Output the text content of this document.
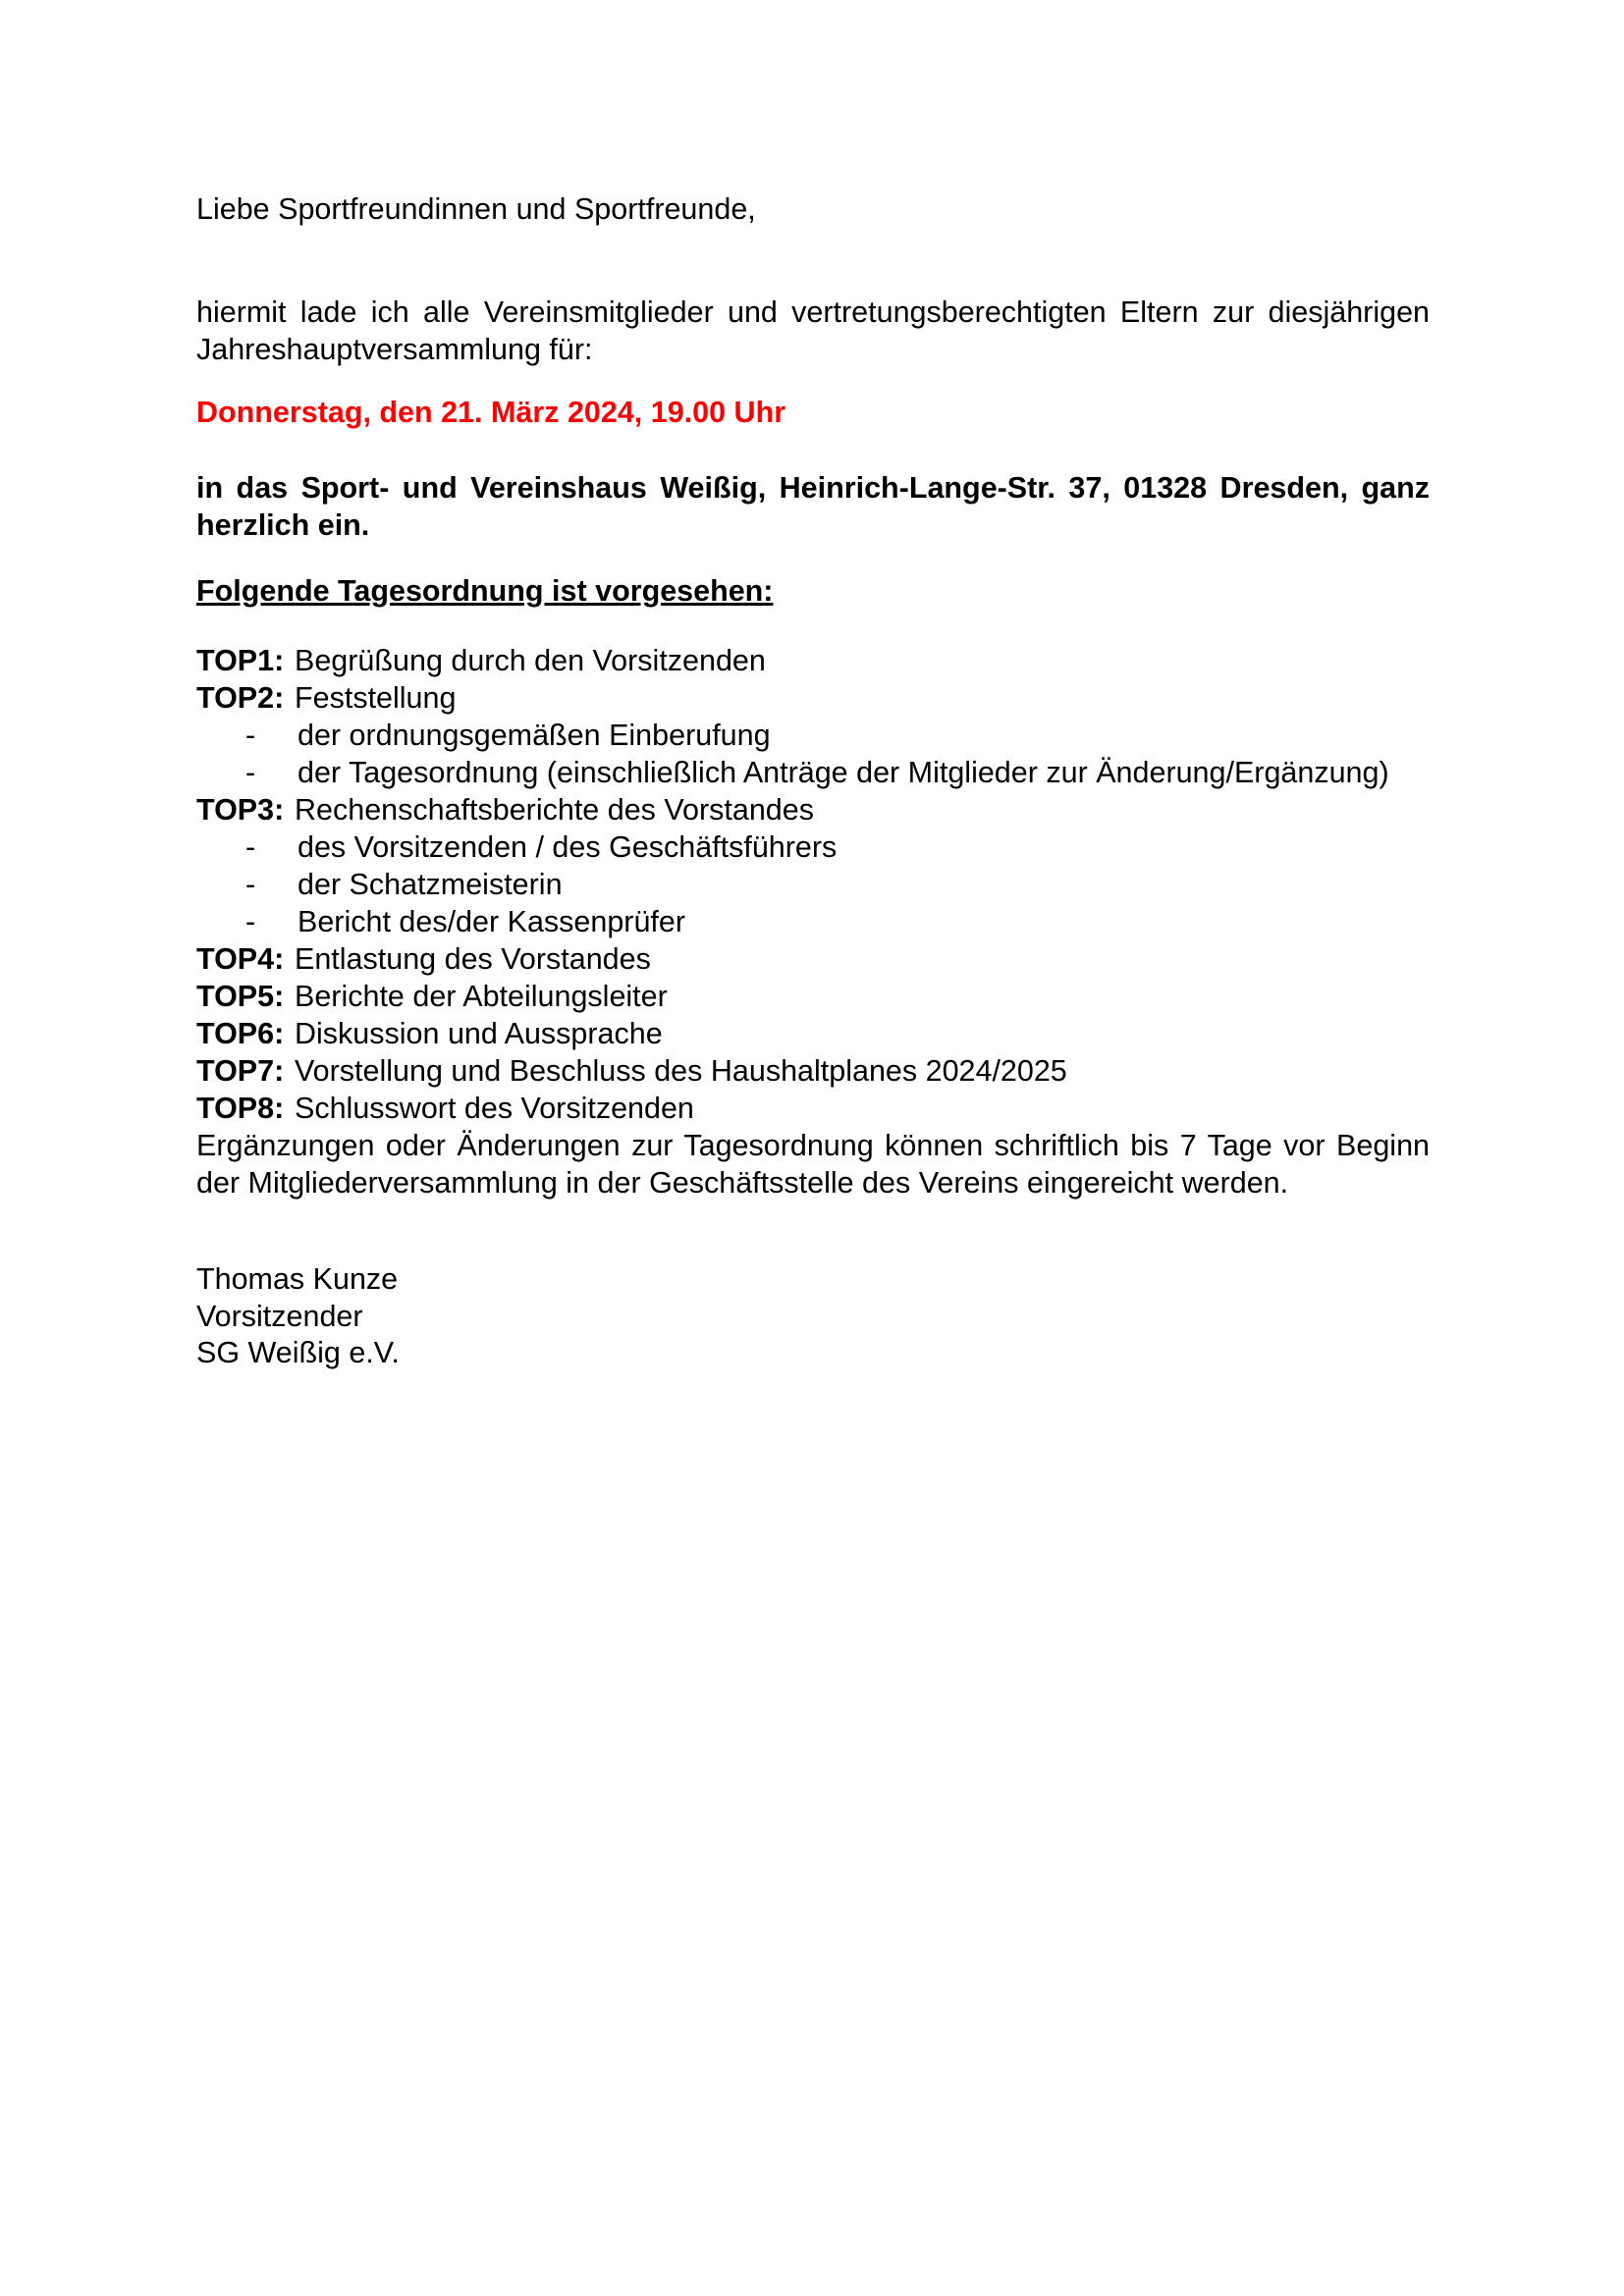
Liebe Sportfreundinnen und Sportfreunde,

hiermit lade ich alle Vereinsmitglieder und vertretungsberechtigten Eltern zur diesjährigen Jahreshauptversammlung für:

Donnerstag, den 21. März 2024, 19.00 Uhr

in das Sport- und Vereinshaus Weißig, Heinrich-Lange-Str. 37, 01328 Dresden, ganz herzlich ein.

Folgende Tagesordnung ist vorgesehen:

TOP1: Begrüßung durch den Vorsitzenden
TOP2: Feststellung
- der ordnungsgemäßen Einberufung
- der Tagesordnung (einschließlich Anträge der Mitglieder zur Änderung/Ergänzung)
TOP3: Rechenschaftsberichte des Vorstandes
- des Vorsitzenden / des Geschäftsführers
- der Schatzmeisterin
- Bericht des/der Kassenprüfer
TOP4: Entlastung des Vorstandes
TOP5: Berichte der Abteilungsleiter
TOP6: Diskussion und Aussprache
TOP7: Vorstellung und Beschluss des Haushaltplanes 2024/2025
TOP8: Schlusswort des Vorsitzenden

Ergänzungen oder Änderungen zur Tagesordnung können schriftlich bis 7 Tage vor Beginn der Mitgliederversammlung in der Geschäftsstelle des Vereins eingereicht werden.

Thomas Kunze

Vorsitzender

SG Weißig e.V.
